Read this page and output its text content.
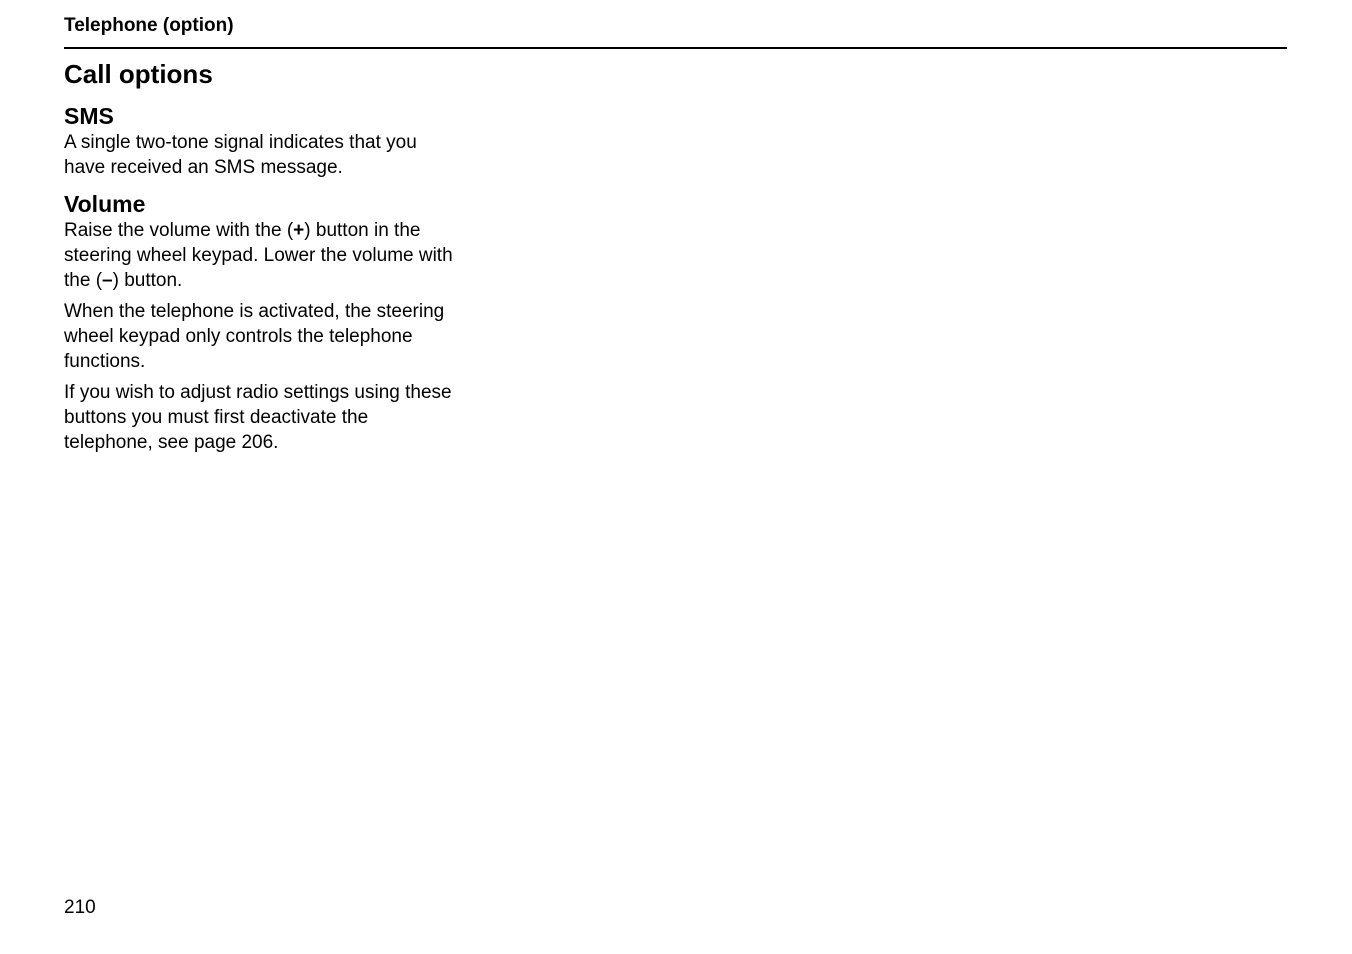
Telephone (option)
Call options
SMS

A single two-tone signal indicates that you have received an SMS message.

Volume

Raise the volume with the (+) button in the steering wheel keypad. Lower the volume with the (–) button.

When the telephone is activated, the steering wheel keypad only controls the telephone functions.

If you wish to adjust radio settings using these buttons you must first deactivate the telephone, see page 206.

210
